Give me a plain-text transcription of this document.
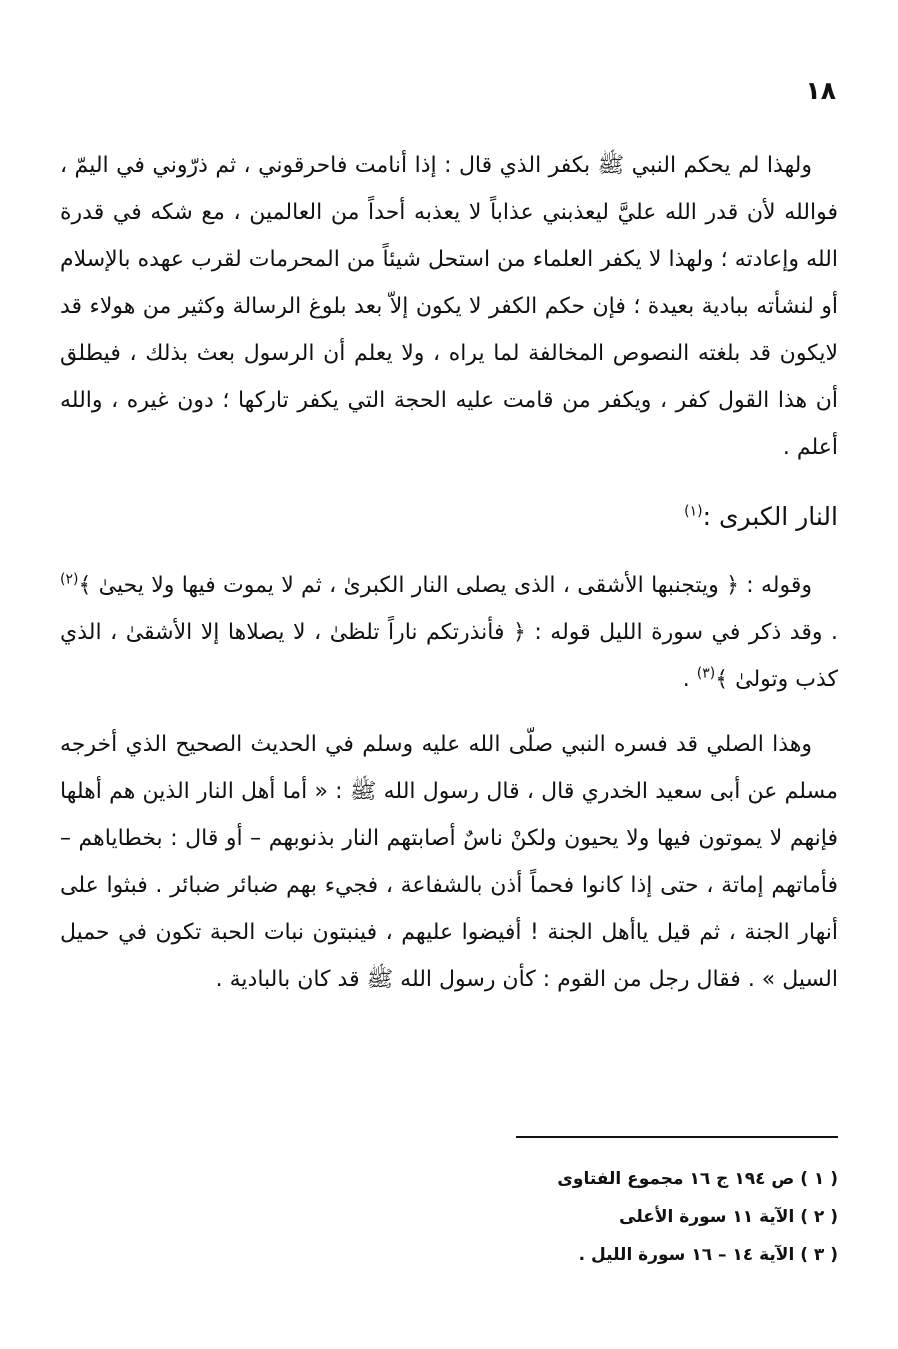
١٨

ولهذا لم يحكم النبي ﷺ بكفر الذي قال : إذا أنامت فاحرقوني ، ثم ذرّوني في اليمّ ، فوالله لأن قدر الله عليَّ ليعذبني عذاباً لا يعذبه أحداً من العالمين ، مع شكه في قدرة الله وإعادته ؛ ولهذا لا يكفر العلماء من استحل شيئاً من المحرمات لقرب عهده بالإسلام أو لنشأته ببادية بعيدة ؛ فإن حكم الكفر لا يكون إلاّ بعد بلوغ الرسالة وكثير من هولاء قد لايكون قد بلغته النصوص المخالفة لما يراه ، ولا يعلم أن الرسول بعث بذلك ، فيطلق أن هذا القول كفر ، ويكفر من قامت عليه الحجة التي يكفر تاركها ؛ دون غيره ، والله أعلم .

النار الكبرى :$^{(١)}$

وقوله : ﴿ ويتجنبها الأشقى ، الذى يصلى النار الكبرىٰ ، ثم لا يموت فيها ولا يحيىٰ ﴾$^{(٢)}$ . وقد ذكر في سورة الليل قوله : ﴿ فأنذرتكم ناراً تلظىٰ ، لا يصلاها إلا الأشقىٰ ، الذي كذب وتولىٰ ﴾$^{(٣)}$ .

وهذا الصلي قد فسره النبي صلّى الله عليه وسلم في الحديث الصحيح الذي أخرجه مسلم عن أبى سعيد الخدري قال ، قال رسول الله ﷺ : « أما أهل النار الذين هم أهلها فإنهم لا يموتون فيها ولا يحيون ولكنْ ناسٌ أصابتهم النار بذنوبهم – أو قال : بخطاياهم – فأماتهم إماتة ، حتى إذا كانوا فحماً أذن بالشفاعة ، فجيء بهم ضبائر ضبائر . فبثوا على أنهار الجنة ، ثم قيل ياأهل الجنة ! أفيضوا عليهم ، فينبتون نبات الحبة تكون في حميل السيل » . فقال رجل من القوم : كأن رسول الله ﷺ قد كان بالبادية .

( ١ ) ص ١٩٤ ج ١٦ مجموع الفتاوى

( ٢ ) الآية ١١ سورة الأعلى

( ٣ ) الآية ١٤ – ١٦ سورة الليل .
